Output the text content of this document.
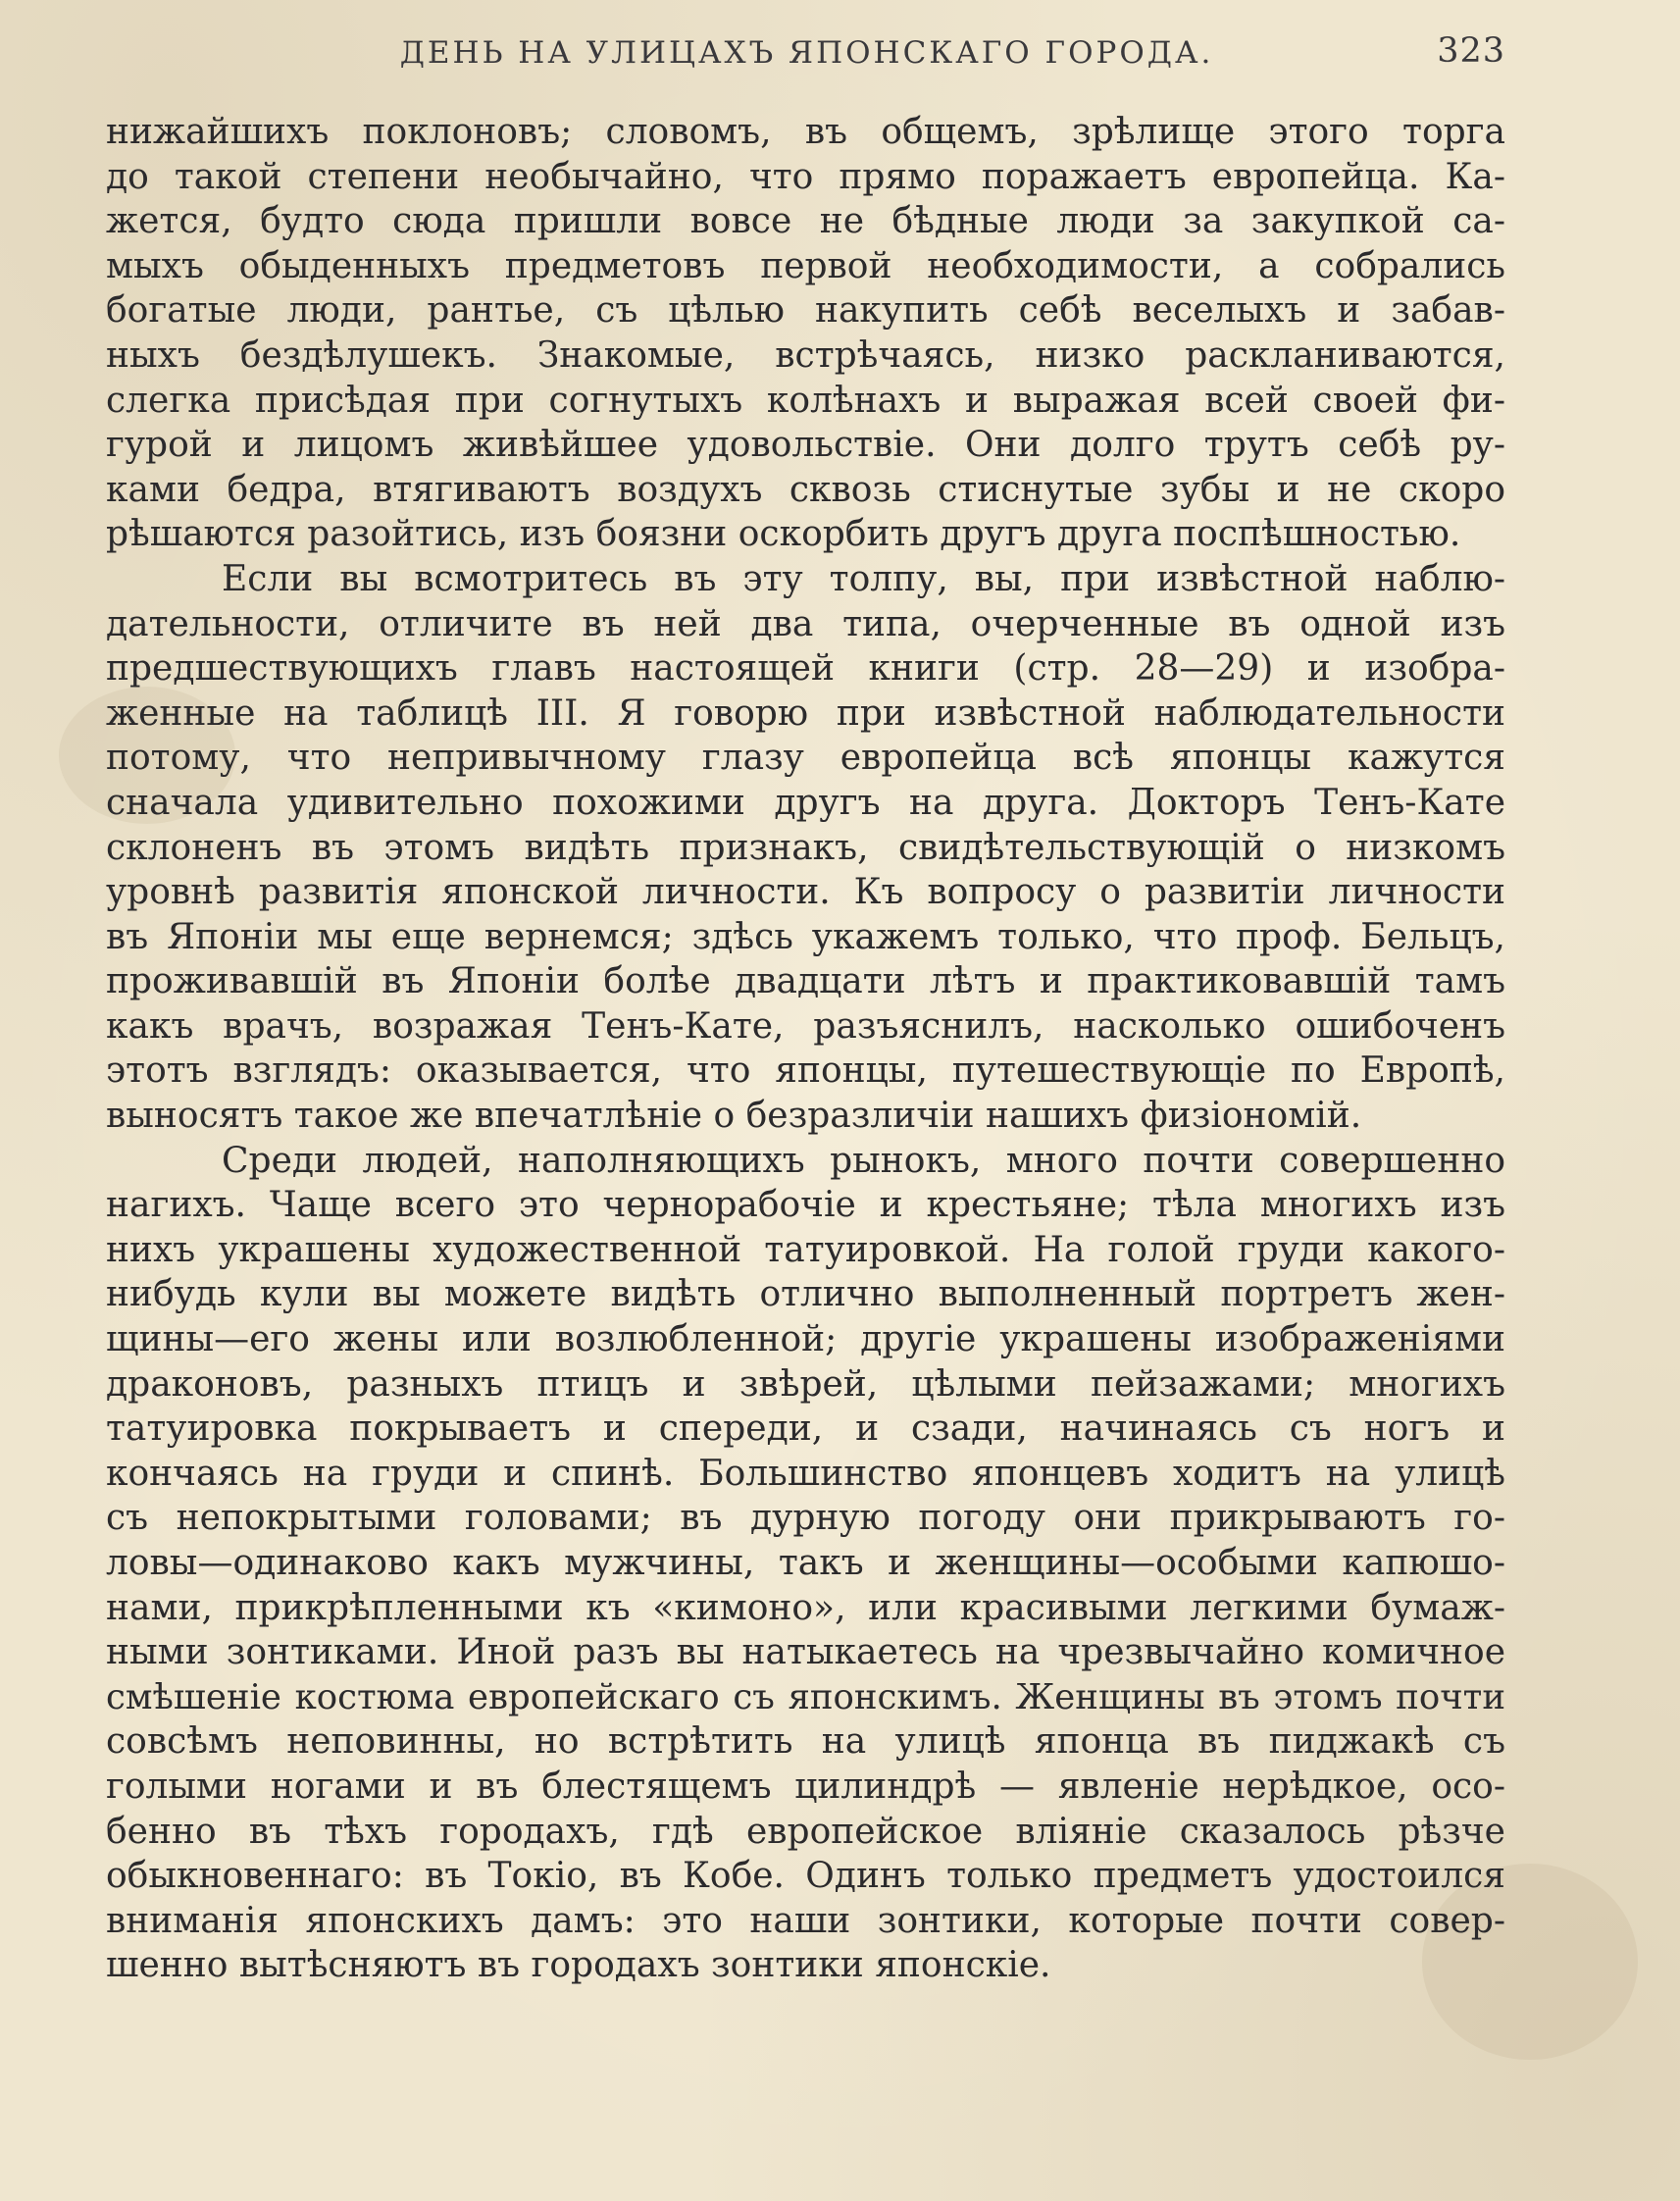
ДЕНЬ НА УЛИЦАХЪ ЯПОНСКАГО ГОРОДА.	323
нижайшихъ поклоновъ; словомъ, въ общемъ, зрѣлище этого торга
до такой степени необычайно, что прямо поражаетъ европейца. Ка-
жется, будто сюда пришли вовсе не бѣдные люди за закупкой са-
мыхъ обыденныхъ предметовъ первой необходимости, а собрались
богатые люди, рантье, съ цѣлью накупить себѣ веселыхъ и забав-
ныхъ бездѣлушекъ. Знакомые, встрѣчаясь, низко раскланиваются,
слегка присѣдая при согнутыхъ колѣнахъ и выражая всей своей фи-
гурой и лицомъ живѣйшее удовольствіе. Они долго трутъ себѣ ру-
ками бедра, втягиваютъ воздухъ сквозь стиснутые зубы и не скоро
рѣшаются разойтись, изъ боязни оскорбить другъ друга поспѣшностью.
Если вы всмотритесь въ эту толпу, вы, при извѣстной наблю-
дательности, отличите въ ней два типа, очерченные въ одной изъ
предшествующихъ главъ настоящей книги (стр. 28—29) и изобра-
женные на таблицѣ III. Я говорю при извѣстной наблюдательности
потому, что непривычному глазу европейца всѣ японцы кажутся
сначала удивительно похожими другъ на друга. Докторъ Тенъ-Кате
склоненъ въ этомъ видѣть признакъ, свидѣтельствующій о низкомъ
уровнѣ развитія японской личности. Къ вопросу о развитіи личности
въ Японіи мы еще вернемся; здѣсь укажемъ только, что проф. Бельцъ,
проживавшій въ Японіи болѣе двадцати лѣтъ и практиковавшій тамъ
какъ врачъ, возражая Тенъ-Кате, разъяснилъ, насколько ошибоченъ
этотъ взглядъ: оказывается, что японцы, путешествующіе по Европѣ,
выносятъ такое же впечатлѣніе о безразличіи нашихъ физіономій.
Среди людей, наполняющихъ рынокъ, много почти совершенно
нагихъ. Чаще всего это чернорабочіе и крестьяне; тѣла многихъ изъ
нихъ украшены художественной татуировкой. На голой груди какого-
нибудь кули вы можете видѣть отлично выполненный портретъ жен-
щины—его жены или возлюбленной; другіе украшены изображеніями
драконовъ, разныхъ птицъ и звѣрей, цѣлыми пейзажами; многихъ
татуировка покрываетъ и спереди, и сзади, начинаясь съ ногъ и
кончаясь на груди и спинѣ. Большинство японцевъ ходитъ на улицѣ
съ непокрытыми головами; въ дурную погоду они прикрываютъ го-
ловы—одинаково какъ мужчины, такъ и женщины—особыми капюшо-
нами, прикрѣпленными къ «кимоно», или красивыми легкими бумаж-
ными зонтиками. Иной разъ вы натыкаетесь на чрезвычайно комичное
смѣшеніе костюма европейскаго съ японскимъ. Женщины въ этомъ почти
совсѣмъ неповинны, но встрѣтить на улицѣ японца въ пиджакѣ съ
голыми ногами и въ блестящемъ цилиндрѣ — явленіе нерѣдкое, осо-
бенно въ тѣхъ городахъ, гдѣ европейское вліяніе сказалось рѣзче
обыкновеннаго: въ Токіо, въ Кобе. Одинъ только предметъ удостоился
вниманія японскихъ дамъ: это наши зонтики, которые почти совер-
шенно вытѣсняютъ въ городахъ зонтики японскіе.
